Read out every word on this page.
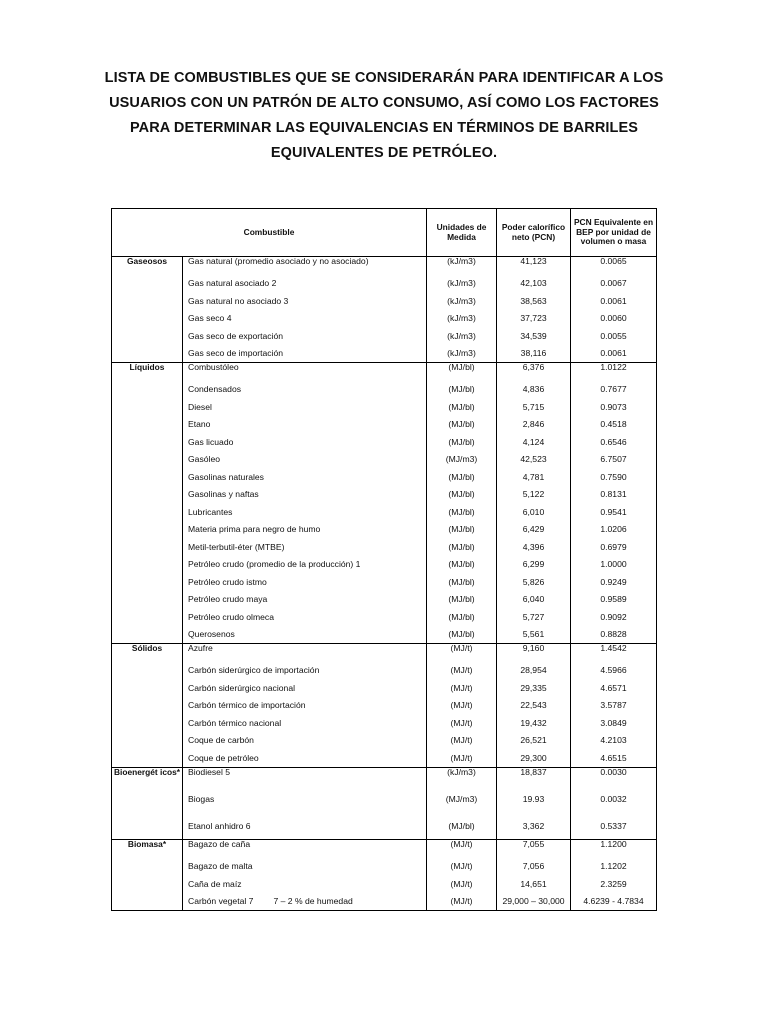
LISTA DE COMBUSTIBLES QUE SE CONSIDERARÁN PARA IDENTIFICAR A LOS
USUARIOS CON UN PATRÓN DE ALTO CONSUMO, ASÍ COMO LOS FACTORES
PARA DETERMINAR LAS EQUIVALENCIAS EN TÉRMINOS DE BARRILES
EQUIVALENTES DE PETRÓLEO.
Combustible		Unidades de Medida	Poder calorífico neto (PCN)	PCN Equivalente en BEP por unidad de volumen o masa
Gaseosos	Gas natural (promedio asociado y no asociado)	(kJ/m3)	41,123	0.0065
	Gas natural asociado 2	(kJ/m3)	42,103	0.0067
	Gas natural no asociado 3	(kJ/m3)	38,563	0.0061
	Gas seco 4	(kJ/m3)	37,723	0.0060
	Gas seco de exportación	(kJ/m3)	34,539	0.0055
	Gas seco de importación	(kJ/m3)	38,116	0.0061
Líquidos	Combustóleo	(MJ/bl)	6,376	1.0122
	Condensados	(MJ/bl)	4,836	0.7677
	Diesel	(MJ/bl)	5,715	0.9073
	Etano	(MJ/bl)	2,846	0.4518
	Gas licuado	(MJ/bl)	4,124	0.6546
	Gasóleo	(MJ/m3)	42,523	6.7507
	Gasolinas naturales	(MJ/bl)	4,781	0.7590
	Gasolinas y naftas	(MJ/bl)	5,122	0.8131
	Lubricantes	(MJ/bl)	6,010	0.9541
	Materia prima para negro de humo	(MJ/bl)	6,429	1.0206
	Metil-terbutil-éter (MTBE)	(MJ/bl)	4,396	0.6979
	Petróleo crudo (promedio de la producción) 1	(MJ/bl)	6,299	1.0000
	Petróleo crudo istmo	(MJ/bl)	5,826	0.9249
	Petróleo crudo maya	(MJ/bl)	6,040	0.9589
	Petróleo crudo olmeca	(MJ/bl)	5,727	0.9092
	Querosenos	(MJ/bl)	5,561	0.8828
Sólidos	Azufre	(MJ/t)	9,160	1.4542
	Carbón siderúrgico de importación	(MJ/t)	28,954	4.5966
	Carbón siderúrgico nacional	(MJ/t)	29,335	4.6571
	Carbón térmico de importación	(MJ/t)	22,543	3.5787
	Carbón térmico nacional	(MJ/t)	19,432	3.0849
	Coque de carbón	(MJ/t)	26,521	4.2103
	Coque de petróleo	(MJ/t)	29,300	4.6515
Bioenergét icos*	Biodiesel 5	(kJ/m3)	18,837	0.0030
	Biogas	(MJ/m3)	19.93	0.0032
	Etanol anhidro 6	(MJ/bl)	3,362	0.5337
Biomasa*	Bagazo de caña	(MJ/t)	7,055	1.1200
	Bagazo de malta	(MJ/t)	7,056	1.1202
	Caña de maíz	(MJ/t)	14,651	2.3259
	Carbón vegetal 7 7 – 2 % de humedad	(MJ/t)	29,000 – 30,000	4.6239 - 4.7834
